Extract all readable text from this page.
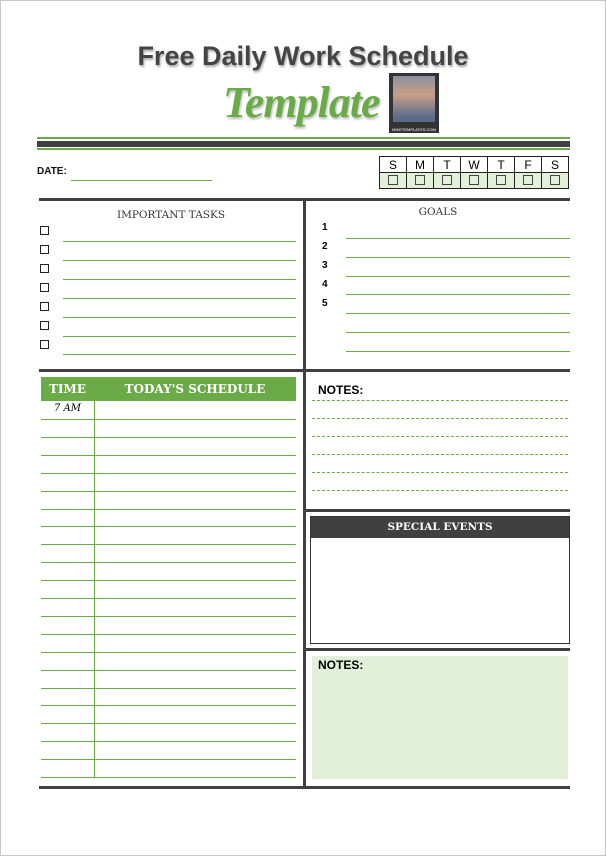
Free Daily Work Schedule
Template
MIKETEMPLATES.COM
DATE:	S	M	T	W	T	F	S

IMPORTANT TASKS	GOALS
TIME	TODAY'S SCHEDULE
7 AM
NOTES:
SPECIAL EVENTS
NOTES:
1
2
3
4
5
